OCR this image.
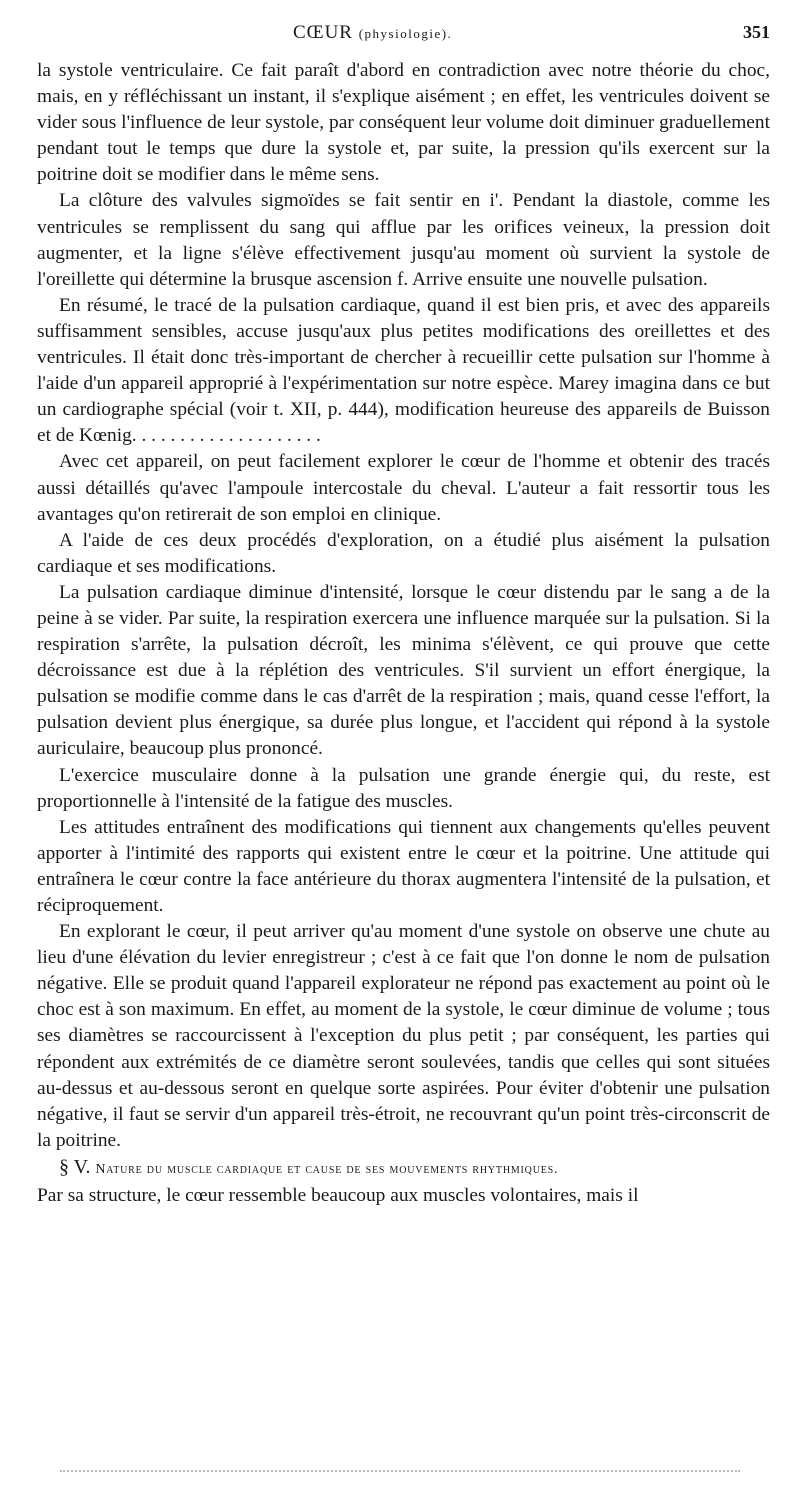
CŒUR (physiologie).	351

la systole ventriculaire. Ce fait paraît d'abord en contradiction avec notre théorie du choc, mais, en y réfléchissant un instant, il s'explique aisément ; en effet, les ventricules doivent se vider sous l'influence de leur systole, par conséquent leur volume doit diminuer graduellement pendant tout le temps que dure la systole et, par suite, la pression qu'ils exercent sur la poitrine doit se modifier dans le même sens.

La clôture des valvules sigmoïdes se fait sentir en i'. Pendant la diastole, comme les ventricules se remplissent du sang qui afflue par les orifices veineux, la pression doit augmenter, et la ligne s'élève effectivement jusqu'au moment où survient la systole de l'oreillette qui détermine la brusque ascension f. Arrive ensuite une nouvelle pulsation.

En résumé, le tracé de la pulsation cardiaque, quand il est bien pris, et avec des appareils suffisamment sensibles, accuse jusqu'aux plus petites modifications des oreillettes et des ventricules. Il était donc très-important de chercher à recueillir cette pulsation sur l'homme à l'aide d'un appareil approprié à l'expérimentation sur notre espèce. Marey imagina dans ce but un cardiographe spécial (voir t. XII, p. 444), modification heureuse des appareils de Buisson et de Kœnig. . . . . . . . . . . . . . . . . . . .

Avec cet appareil, on peut facilement explorer le cœur de l'homme et obtenir des tracés aussi détaillés qu'avec l'ampoule intercostale du cheval. L'auteur a fait ressortir tous les avantages qu'on retirerait de son emploi en clinique.

A l'aide de ces deux procédés d'exploration, on a étudié plus aisément la pulsation cardiaque et ses modifications.

La pulsation cardiaque diminue d'intensité, lorsque le cœur distendu par le sang a de la peine à se vider. Par suite, la respiration exercera une influence marquée sur la pulsation. Si la respiration s'arrête, la pulsation décroît, les minima s'élèvent, ce qui prouve que cette décroissance est due à la réplétion des ventricules. S'il survient un effort énergique, la pulsation se modifie comme dans le cas d'arrêt de la respiration ; mais, quand cesse l'effort, la pulsation devient plus énergique, sa durée plus longue, et l'accident qui répond à la systole auriculaire, beaucoup plus prononcé.

L'exercice musculaire donne à la pulsation une grande énergie qui, du reste, est proportionnelle à l'intensité de la fatigue des muscles.

Les attitudes entraînent des modifications qui tiennent aux changements qu'elles peuvent apporter à l'intimité des rapports qui existent entre le cœur et la poitrine. Une attitude qui entraînera le cœur contre la face antérieure du thorax augmentera l'intensité de la pulsation, et réciproquement.

En explorant le cœur, il peut arriver qu'au moment d'une systole on observe une chute au lieu d'une élévation du levier enregistreur ; c'est à ce fait que l'on donne le nom de pulsation négative. Elle se produit quand l'appareil explorateur ne répond pas exactement au point où le choc est à son maximum. En effet, au moment de la systole, le cœur diminue de volume ; tous ses diamètres se raccourcissent à l'exception du plus petit ; par conséquent, les parties qui répondent aux extrémités de ce diamètre seront soulevées, tandis que celles qui sont situées au-dessus et au-dessous seront en quelque sorte aspirées. Pour éviter d'obtenir une pulsation négative, il faut se servir d'un appareil très-étroit, ne recouvrant qu'un point très-circonscrit de la poitrine.

§ V. Nature du muscle cardiaque et cause de ses mouvements rhythmiques.

Par sa structure, le cœur ressemble beaucoup aux muscles volontaires, mais il
